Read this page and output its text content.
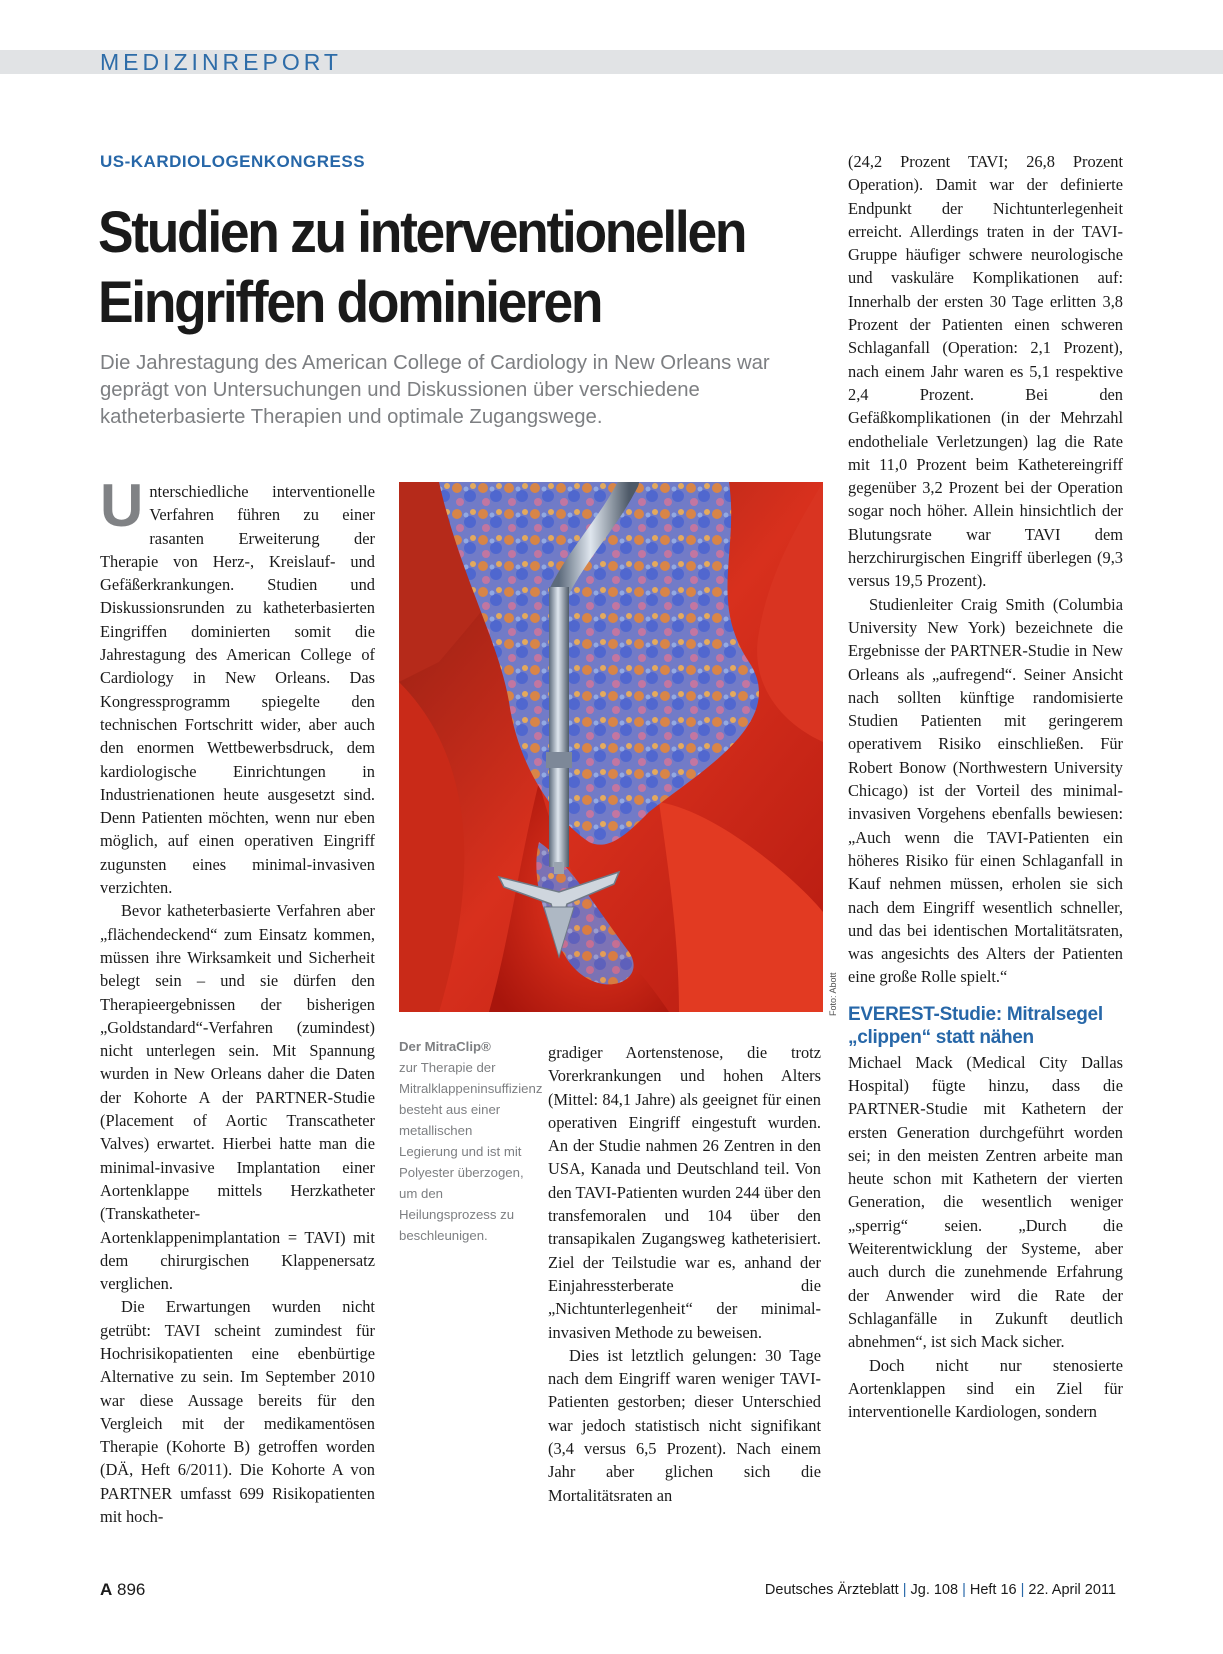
MEDIZINREPORT
US-KARDIOLOGENKONGRESS
Studien zu interventionellen
Eingriffen dominieren

Die Jahrestagung des American College of Cardiology in New Orleans war geprägt von Untersuchungen und Diskussionen über verschiedene katheterbasierte Therapien und optimale Zugangswege.

Unterschiedliche interventionelle Verfahren führen zu einer rasanten Erweiterung der Therapie von Herz-, Kreislauf- und Gefäßerkrankungen. Studien und Diskussionsrunden zu katheterbasierten Eingriffen dominierten somit die Jahrestagung des American College of Cardiology in New Orleans. Das Kongressprogramm spiegelte den technischen Fortschritt wider, aber auch den enormen Wettbewerbsdruck, dem kardiologische Einrichtungen in Industrienationen heute ausgesetzt sind. Denn Patienten möchten, wenn nur eben möglich, auf einen operativen Eingriff zugunsten eines minimal-invasiven verzichten.

Bevor katheterbasierte Verfahren aber „flächendeckend“ zum Einsatz kommen, müssen ihre Wirksamkeit und Sicherheit belegt sein – und sie dürfen den Therapieergebnissen der bisherigen „Goldstandard“-Verfahren (zumindest) nicht unterlegen sein. Mit Spannung wurden in New Orleans daher die Daten der Kohorte A der PARTNER-Studie (Placement of Aortic Transcatheter Valves) erwartet. Hierbei hatte man die minimal-invasive Implantation einer Aortenklappe mittels Herzkatheter (Transkatheter-Aortenklappenimplantation = TAVI) mit dem chirurgischen Klappenersatz verglichen.

Die Erwartungen wurden nicht getrübt: TAVI scheint zumindest für Hochrisikopatienten eine ebenbürtige Alternative zu sein. Im September 2010 war diese Aussage bereits für den Vergleich mit der medikamentösen Therapie (Kohorte B) getroffen worden (DÄ, Heft 6/2011). Die Kohorte A von PARTNER umfasst 699 Risikopatienten mit hoch-

Foto: Abott
Der MitraClip®
zur Therapie der Mitralklappeninsuffizienz besteht aus einer metallischen Legierung und ist mit Polyester überzogen, um den Heilungsprozess zu beschleunigen.

gradiger Aortenstenose, die trotz Vorerkrankungen und hohen Alters (Mittel: 84,1 Jahre) als geeignet für einen operativen Eingriff eingestuft wurden. An der Studie nahmen 26 Zentren in den USA, Kanada und Deutschland teil. Von den TAVI-Patienten wurden 244 über den transfemoralen und 104 über den transapikalen Zugangsweg katheterisiert. Ziel der Teilstudie war es, anhand der Einjahressterberate die „Nichtunterlegenheit“ der minimal-invasiven Methode zu beweisen.

Dies ist letztlich gelungen: 30 Tage nach dem Eingriff waren weniger TAVI-Patienten gestorben; dieser Unterschied war jedoch statistisch nicht signifikant (3,4 versus 6,5 Prozent). Nach einem Jahr aber glichen sich die Mortalitätsraten an

(24,2 Prozent TAVI; 26,8 Prozent Operation). Damit war der definierte Endpunkt der Nichtunterlegenheit erreicht. Allerdings traten in der TAVI-Gruppe häufiger schwere neurologische und vaskuläre Komplikationen auf: Innerhalb der ersten 30 Tage erlitten 3,8 Prozent der Patienten einen schweren Schlaganfall (Operation: 2,1 Prozent), nach einem Jahr waren es 5,1 respektive 2,4 Prozent. Bei den Gefäßkomplikationen (in der Mehrzahl endotheliale Verletzungen) lag die Rate mit 11,0 Prozent beim Kathetereingriff gegenüber 3,2 Prozent bei der Operation sogar noch höher. Allein hinsichtlich der Blutungsrate war TAVI dem herzchirurgischen Eingriff überlegen (9,3 versus 19,5 Prozent).

Studienleiter Craig Smith (Columbia University New York) bezeichnete die Ergebnisse der PARTNER-Studie in New Orleans als „aufregend“. Seiner Ansicht nach sollten künftige randomisierte Studien Patienten mit geringerem operativem Risiko einschließen. Für Robert Bonow (Northwestern University Chicago) ist der Vorteil des minimal-invasiven Vorgehens ebenfalls bewiesen: „Auch wenn die TAVI-Patienten ein höheres Risiko für einen Schlaganfall in Kauf nehmen müssen, erholen sie sich nach dem Eingriff wesentlich schneller, und das bei identischen Mortalitätsraten, was angesichts des Alters der Patienten eine große Rolle spielt.“

EVEREST-Studie: Mitralsegel
„clippen“ statt nähen

Michael Mack (Medical City Dallas Hospital) fügte hinzu, dass die PARTNER-Studie mit Kathetern der ersten Generation durchgeführt worden sei; in den meisten Zentren arbeite man heute schon mit Kathetern der vierten Generation, die wesentlich weniger „sperrig“ seien. „Durch die Weiterentwicklung der Systeme, aber auch durch die zunehmende Erfahrung der Anwender wird die Rate der Schlaganfälle in Zukunft deutlich abnehmen“, ist sich Mack sicher.

Doch nicht nur stenosierte Aortenklappen sind ein Ziel für interventionelle Kardiologen, sondern

A 896	Deutsches Ärzteblatt | Jg. 108 | Heft 16 | 22. April 2011
